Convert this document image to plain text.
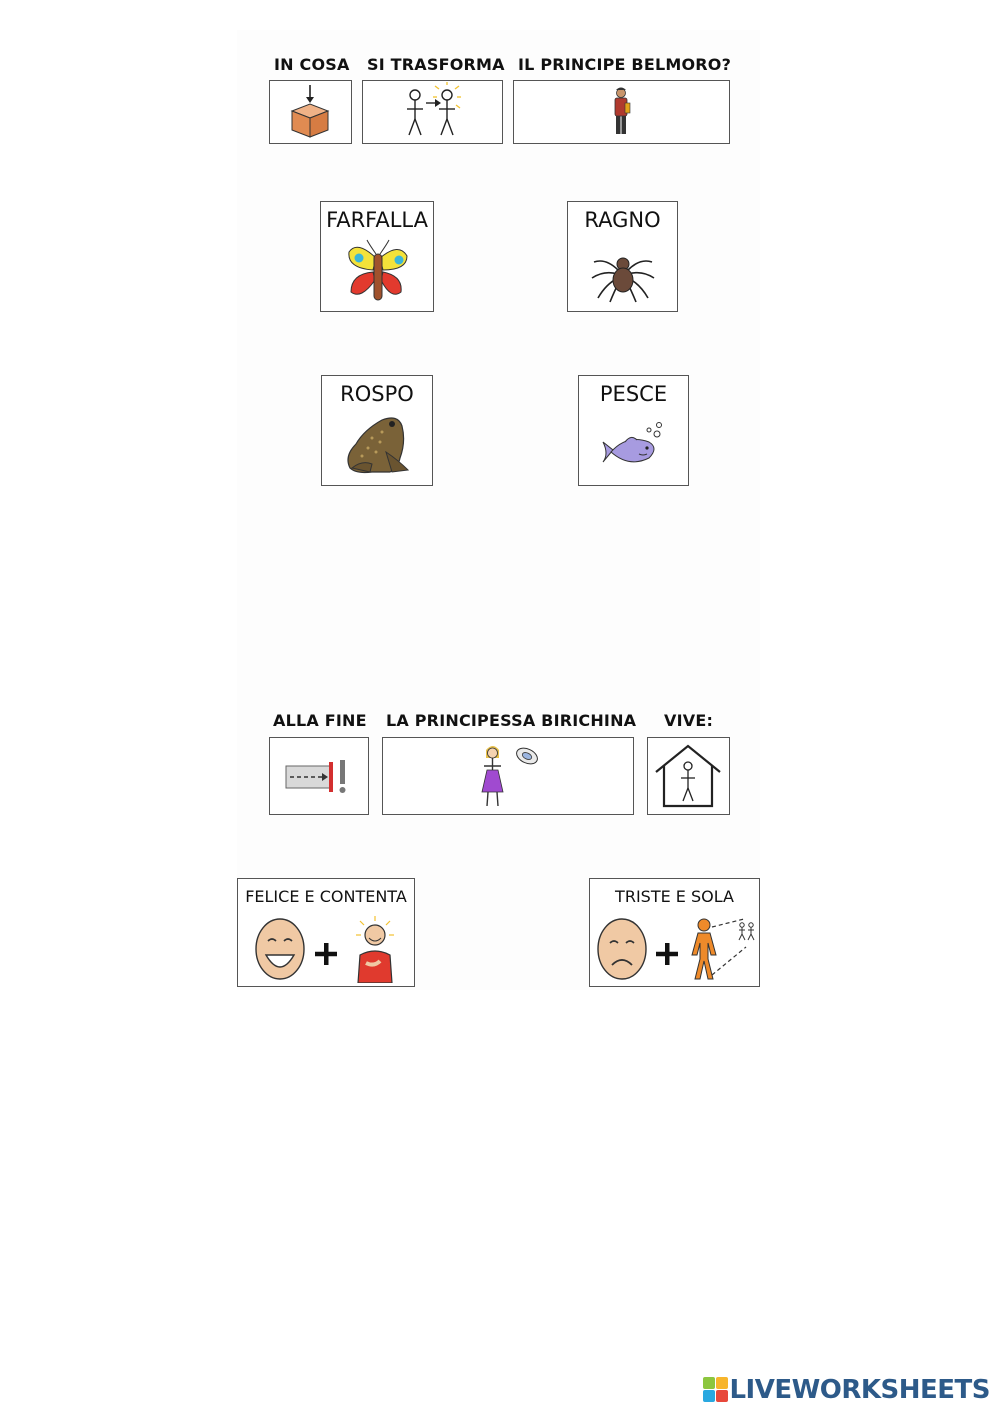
IN COSA SI TRASFORMA IL PRINCIPE BELMORO?
FARFALLA	RAGNO
ROSPO	PESCE
ALLA FINE LA PRINCIPESSA BIRICHINA VIVE:
FELICE E CONTENTA	TRISTE E SOLA
LIVEWORKSHEETS
